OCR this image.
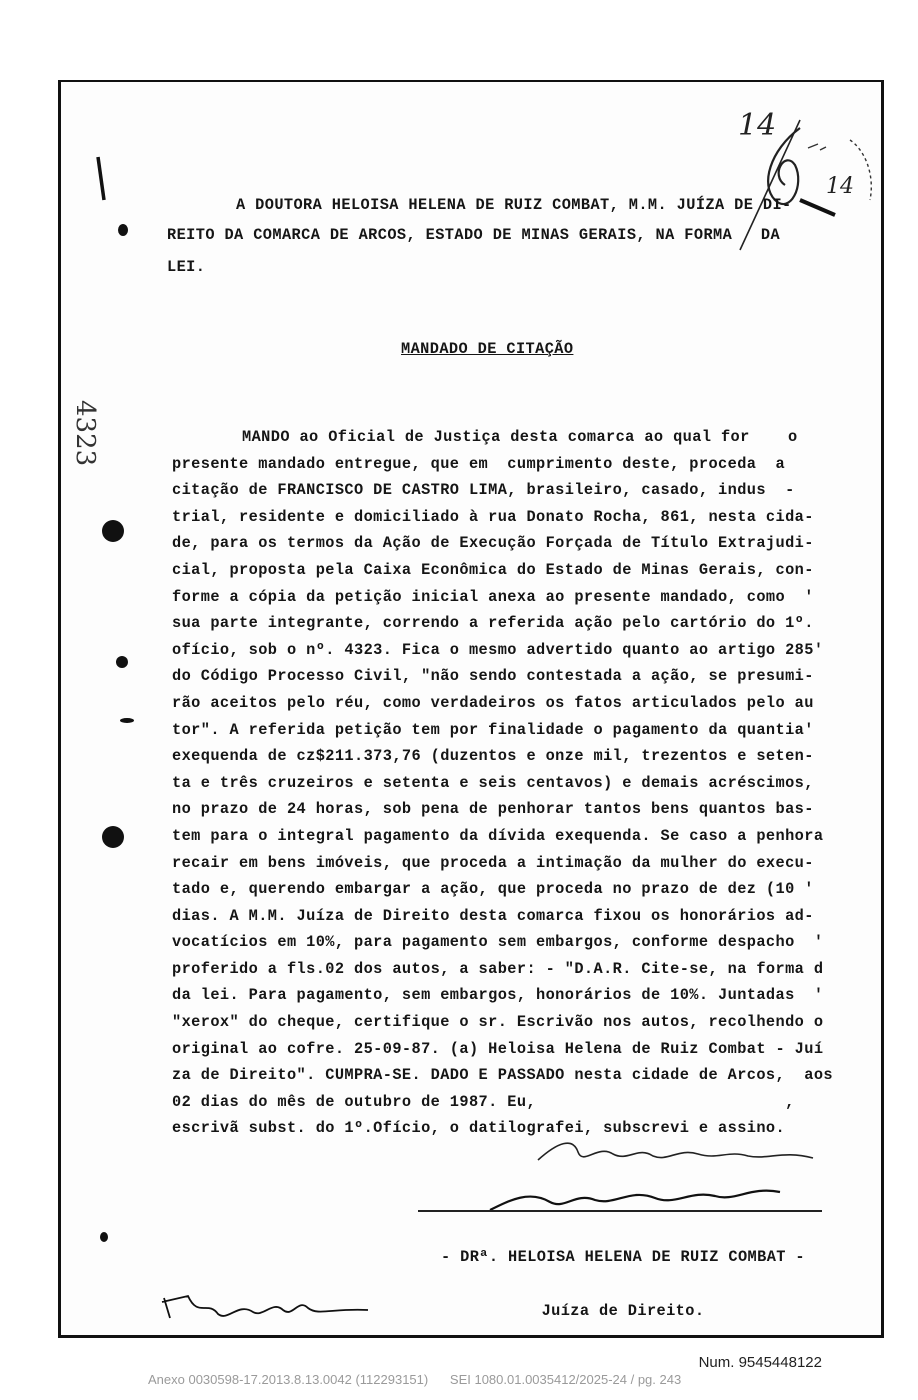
14
14
4323

A DOUTORA HELOISA HELENA DE RUIZ COMBAT, M.M. JUÍZA DE DI-

REITO DA COMARCA DE ARCOS, ESTADO DE MINAS GERAIS, NA FORMA   DA

LEI.

MANDADO DE CITAÇÃO
MANDO ao Oficial de Justiça desta comarca ao qual for    o
presente mandado entregue, que em  cumprimento deste, proceda  a
citação de FRANCISCO DE CASTRO LIMA, brasileiro, casado, indus  -
trial, residente e domiciliado à rua Donato Rocha, 861, nesta cida-
de, para os termos da Ação de Execução Forçada de Título Extrajudi-
cial, proposta pela Caixa Econômica do Estado de Minas Gerais, con-
forme a cópia da petição inicial anexa ao presente mandado, como  '
sua parte integrante, correndo a referida ação pelo cartório do 1º.
ofício, sob o nº. 4323. Fica o mesmo advertido quanto ao artigo 285'
do Código Processo Civil, "não sendo contestada a ação, se presumi-
rão aceitos pelo réu, como verdadeiros os fatos articulados pelo au
tor". A referida petição tem por finalidade o pagamento da quantia'
exequenda de cz$211.373,76 (duzentos e onze mil, trezentos e seten-
ta e três cruzeiros e setenta e seis centavos) e demais acréscimos,
no prazo de 24 horas, sob pena de penhorar tantos bens quantos bas-
tem para o integral pagamento da dívida exequenda. Se caso a penhora
recair em bens imóveis, que proceda a intimação da mulher do execu-
tado e, querendo embargar a ação, que proceda no prazo de dez (10 '
dias. A M.M. Juíza de Direito desta comarca fixou os honorários ad-
vocatícios em 10%, para pagamento sem embargos, conforme despacho  '
proferido a fls.02 dos autos, a saber: - "D.A.R. Cite-se, na forma d
da lei. Para pagamento, sem embargos, honorários de 10%. Juntadas  '
"xerox" do cheque, certifique o sr. Escrivão nos autos, recolhendo o
original ao cofre. 25-09-87. (a) Heloisa Helena de Ruiz Combat - Juí
za de Direito". CUMPRA-SE. DADO E PASSADO nesta cidade de Arcos,  aos
02 dias do mês de outubro de 1987. Eu,                          ,
escrivã subst. do 1º.Ofício, o datilografei, subscrevi e assino.

- DRª. HELOISA HELENA DE RUIZ COMBAT -

Juíza de Direito.

Num. 9545448122
Anexo 0030598-17.2013.8.13.0042 (112293151)      SEI 1080.01.0035412/2025-24 / pg. 243
